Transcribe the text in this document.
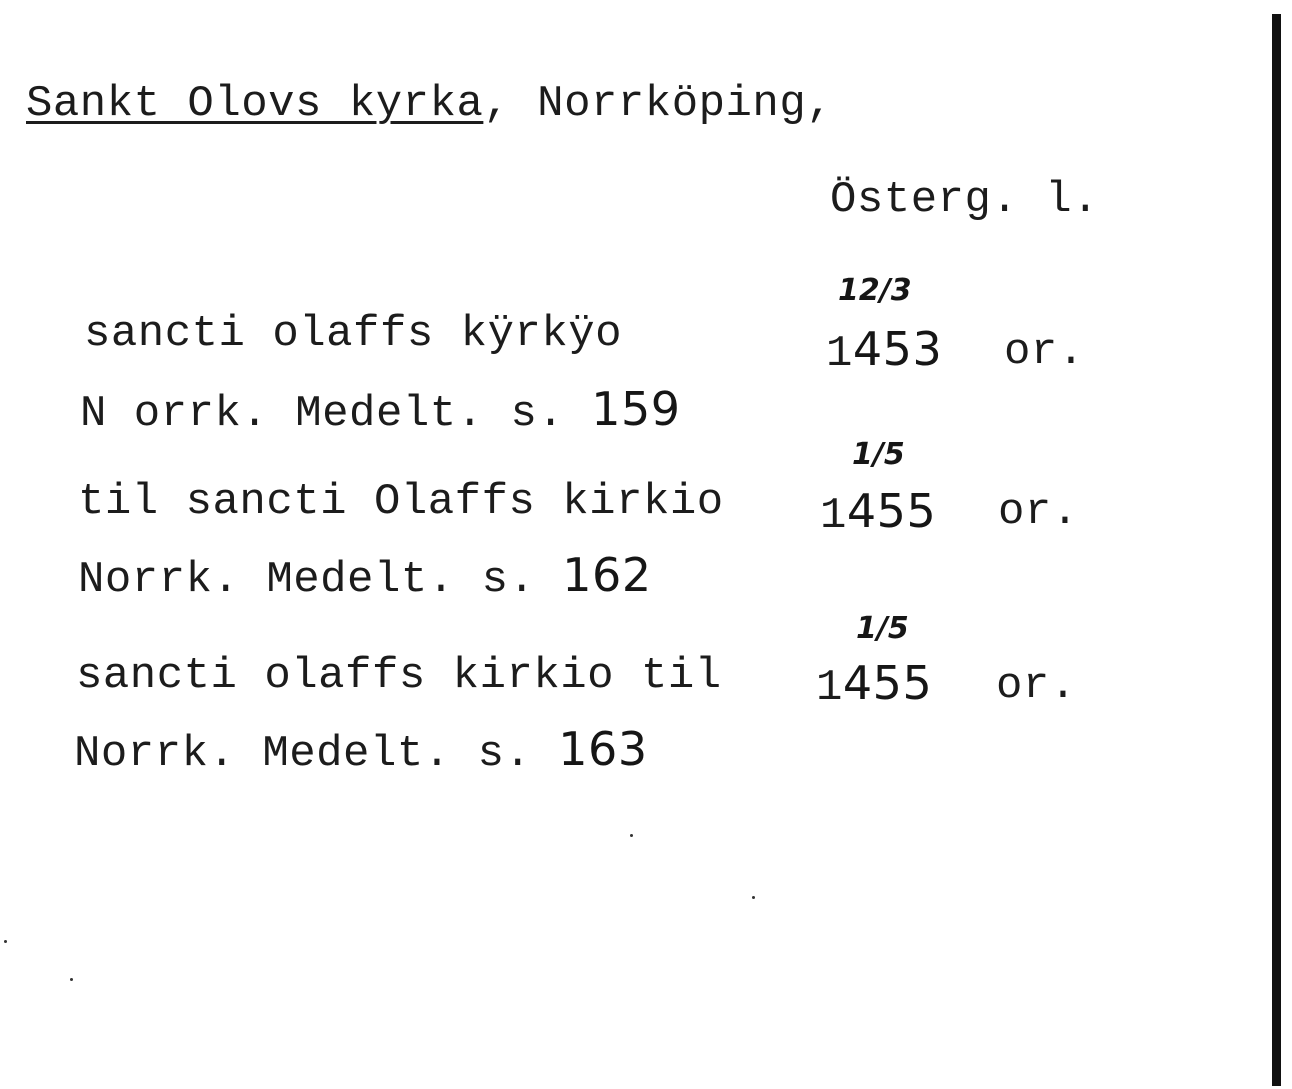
Sankt Olovs kyrka, Norrköping,
Österg. l.
12/3
sancti olaffs kÿrkÿo	1453 or.
N orrk. Medelt. s. 159
1/5
til sancti Olaffs kirkio 1455 or.
Norrk. Medelt. s. 162
1/5
sancti olaffs kirkio til 1455 or.
Norrk. Medelt. s. 163
